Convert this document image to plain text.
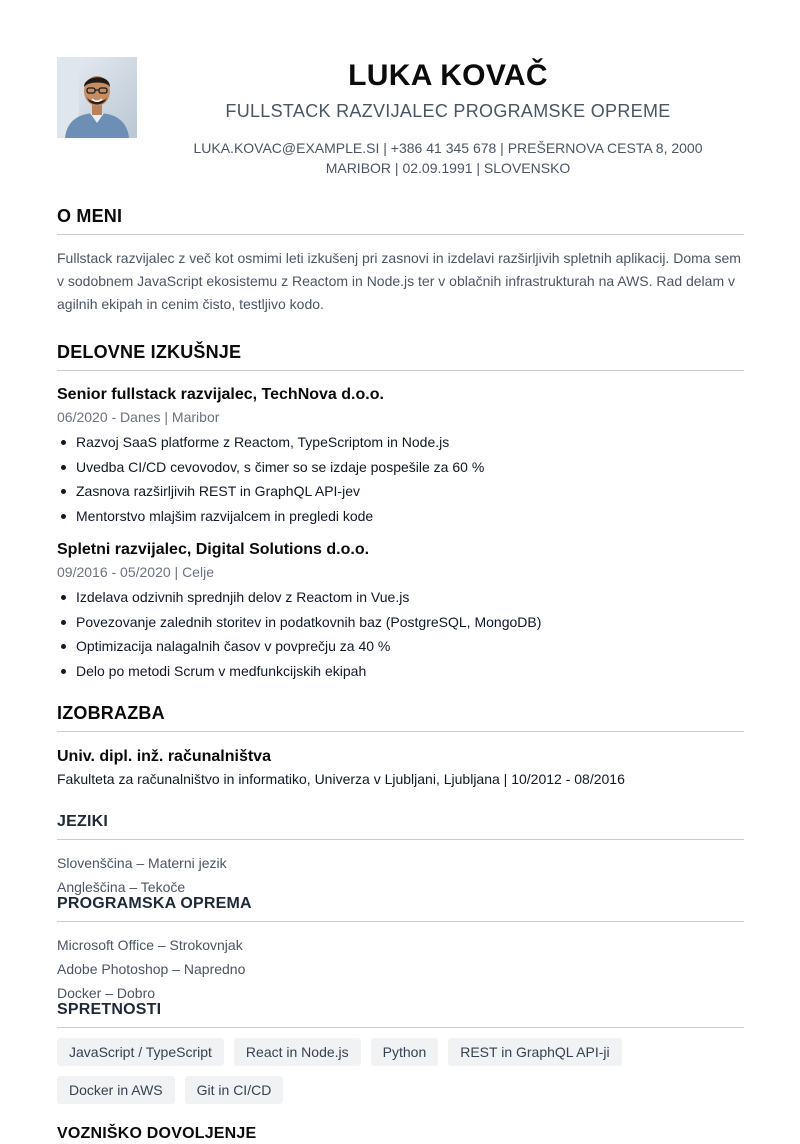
LUKA KOVAČ
FULLSTACK RAZVIJALEC PROGRAMSKE OPREME
LUKA.KOVAC@EXAMPLE.SI | +386 41 345 678 | PREŠERNOVA CESTA 8, 2000 MARIBOR | 02.09.1991 | SLOVENSKO
O MENI
Fullstack razvijalec z več kot osmimi leti izkušenj pri zasnovi in izdelavi razširljivih spletnih aplikacij. Doma sem v sodobnem JavaScript ekosistemu z Reactom in Node.js ter v oblačnih infrastrukturah na AWS. Rad delam v agilnih ekipah in cenim čisto, testljivo kodo.
DELOVNE IZKUŠNJE
Senior fullstack razvijalec, TechNova d.o.o.
06/2020 - Danes | Maribor
Razvoj SaaS platforme z Reactom, TypeScriptom in Node.js
Uvedba CI/CD cevovodov, s čimer so se izdaje pospešile za 60 %
Zasnova razširljivih REST in GraphQL API-jev
Mentorstvo mlajšim razvijalcem in pregledi kode
Spletni razvijalec, Digital Solutions d.o.o.
09/2016 - 05/2020 | Celje
Izdelava odzivnih sprednjih delov z Reactom in Vue.js
Povezovanje zalednih storitev in podatkovnih baz (PostgreSQL, MongoDB)
Optimizacija nalagalnih časov v povprečju za 40 %
Delo po metodi Scrum v medfunkcijskih ekipah
IZOBRAZBA
Univ. dipl. inž. računalništva
Fakulteta za računalništvo in informatiko, Univerza v Ljubljani, Ljubljana | 10/2012 - 08/2016
JEZIKI
Slovenščina – Materni jezik
Angleščina – Tekoče
PROGRAMSKA OPREMA
Microsoft Office – Strokovnjak
Adobe Photoshop – Napredno
Docker – Dobro
SPRETNOSTI
JavaScript / TypeScript	React in Node.js	Python	REST in GraphQL API-ji
Docker in AWS	Git in CI/CD
VOZNIŠKO DOVOLJENJE
